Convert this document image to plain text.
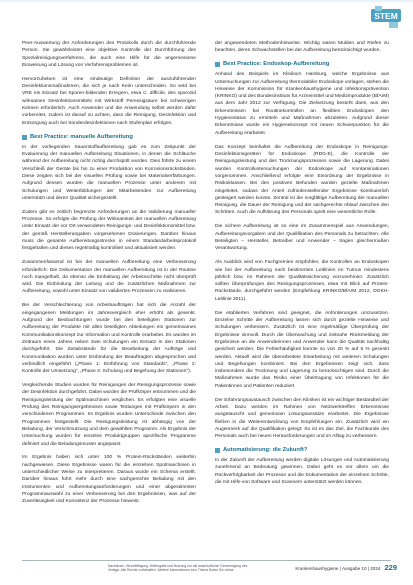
STEM

Peer-Auswertung der Anforderungen des Protokolls durch die durchführende Person. Sie gewährleistet eine objektive Kontrolle der Durchführung des Spezialreinigungsverfahrens, die auch eine Hilfe für die angemessene Einweisung und Lösung von Verfahrensproblemen ist.

Hervorzuheben ist eine eindeutige Definition der auszuführenden Desinfektionsmaßnahmen, die sich je nach Keim unterscheiden. So wird bei VRE ein Einsatz bei Sporen-bildenden Erregern, etwa C. difficile, des sporozid wirksamen Desinfektionsmittels mit Wirkstoff Peressigsäure bei schwierigen Keimen erforderlich. Auch Anwender und die Anwendung selbst werden dafür vorbereitet, zudem ist darauf zu achten, dass die Reinigung, Desinfektion und Entsorgung auch bei Sonderdesinfektionen nach Stufenplan erfolgen.

Best Practice: manuelle Aufbereitung

In der vorliegenden Sauerstoffaufbereitung gab es zum Zeitpunkt der Evaluierung der manuellen Aufbereitung Situationen, in denen die Schläuche während der Aufbereitung nicht richtig durchspült wurden. Dies führte zu einem Verschleiß der Geräte bis hin zu einer Produktion von Korrosionsrückständen. Diese zeigten sich bei der visuellen Prüfung sowie bei Materialverfärbungen. Aufgrund dessen wurden die manuellen Prozesse unter anderem mit Schulungen und Weiterbildungen der Mitarbeitenden zur Aufbereitung unterstützt und deren Qualität sichergestellt.

Zudem gibt es zeitlich begrenzte Anforderungen an die Validierung manueller Prozesse. So erfolgte die Prüfung der Wirksamkeit der manuellen Aufbereitung unter Einsatz der vor Ort verwendeten Reinigungs- und Desinfektionsmittel bzw. der gemäß Herstellerangaben vorgesehenen Dosierungen. Darüber hinaus muss die gesamte Aufbereitungsstrecke in einem Standardarbeitsprotokoll festgehalten und dieses regelmäßig kontrolliert und aktualisiert werden.

Zusammenfassend ist bei der manuellen Aufbereitung eine Verbesserung erforderlich: Die Dokumentation der manuellen Aufbereitung ist in der Routine noch mangelhaft, da ebenso die Einhaltung der Arbeitsschritte nicht überprüft wird. Die Einbindung der Leitung und die zusätzlichen Maßnahmen zur Aufbereitung, sowohl unter Einsatz von validierten Prozessen zu realisieren.

Bei der Verschlechterung von Arbeitsaufträgen hat sich die Anzahl der eingegangenen Meldungen im Jahresvergleich eher erhöht als gesenkt. Aufgrund der Beobachtungen wurde bei den beteiligten Stationen zur Aufbereitung der Produkte mit allen beteiligten Abteilungen ein gemeinsames Kommunikationskonzept zur Information und Kontrolle erarbeitet. Es wurden im Zeitraum eines Jahres neben zwei Schulungen ein Einsatz in den Stationen durchgeführt. Die Zeitabstände für die Bearbeitung der Aufträge und Kommunikation wurden unter Einbindung der Beauftragten abgesprochen und verbindlich eingeführt („Phase 1: Einführung von Standards“, „Phase 2: Kontrolle der Umsetzung“, „Phase 3: Schulung und Begehung der Stationen“).

Vergleichende Studien wurden für Reinigungen der Reinigungsprozesse sowie der Desinfektion durchgeführt. Dabei wurden die Prüfkörper entnommen und die Reinigungsleistung der Spülmaschinen verglichen. Es erfolgten eine visuelle Prüfung des Reinigungsergebnisses sowie Testungen mit Prüfkörpern in den verschiedenen Programmen. Im Ergebnis wurden Unterschiede zwischen den Programmen festgestellt. Die Reinigungsleistung ist abhängig von der Beladung, der Verschmutzung und dem gewählten Programm. Als Ergebnis der Untersuchung wurden für einzelne Produktgruppen spezifische Programme definiert und die Beladungsmuster angepasst.

Im Ergebnis haben sich unter 100 % Protein-Rückständen weiterhin nachgewiesen. Diese Ergebnisse waren für die einzelnen Spülmaschinen in unterschiedlicher Weise zu interpretieren. Daraus wurde ein Schema erstellt. Darüber hinaus führt mehr durch eine sachgerechte Beladung mit den Instrumenten und Aufbereitungsanforderungen und einer abgestimmten Programmauswahl zu einer Verbesserung bei den Ergebnissen, was auf der Zuverlässigkeit und Konsistenz der Prozesse hinweist.

der angewendeten Methodenhinweise. Wichtig waren Mulden und Riefen zu beachten, deren Schwachstellen bei der Aufbereitung berücksichtigt wurden.

Best Practice: Endoskop-Aufbereitung

Anhand des Beispiels im Klinikum Hamburg, welche Ergebnisse aus Untersuchungen zur Aufbereitung thermolabiler Endoskope vorlagen, stehen die Hinweise der Kommission für Krankenhaushygiene und Infektionsprävention (KRINKO) und des Bundesinstituts für Arzneimittel und Medizinprodukte (BfArM) aus dem Jahr 2012 zur Verfügung. Die Zielsetzung besteht darin, aus den Erkenntnissen bei Routinekontrollen an flexiblen Endoskopen den Hygienestatus zu ermitteln und Maßnahmen abzuleiten. Aufgrund dieser Erkenntnisse wurde ein Hygienekonzept mit neuen Schwerpunkten für die Aufbereitung erarbeitet.

Das Konzept beinhaltet die Aufbereitung der Endoskope in Reinigungs-Desinfektionsgeräten für Endoskope (RDG-E), die Kontrolle der Reinigungsleistung und des Trocknungsprozesses sowie die Lagerung. Dabei wurden Kontrolluntersuchungen der Endoskope auf Kontaminationen vorgenommen. Anschließend erfolgte eine Einordnung der Ergebnisse in Risikoklassen. Bei den positiven Befunden wurden gezielte Maßnahmen eingeleitet, sodass der Anteil zufriedenstellender Ergebnisse kontinuierlich gesteigert werden konnte. Zentral ist die sorgfältige Aufbereitung der manuellen Reinigung, die Dauer der Reinigung und der sachgerechte Ablauf zwischen den Schritten. Auch die Aufklärung des Personals spielt eine wesentliche Rolle.

Die sichere Aufbereitung ist so eine im Zusammenspiel aus Anwendungen, Aufbereitungsvorgaben und der Qualifikation des Personals zu betrachten. Alle Beteiligten – Hersteller, Betreiber und Anwender – tragen gleichermaßen Verantwortung.

Als Ausblick wird von Fachgremien empfohlen, die Kontrollen an Endoskopen wie bei der Aufbereitung nach bestimmten Leitlinien im Turnus mindestens jährlich bzw. im Rahmen der Qualitätssicherung vorzunehmen. Zusätzlich sollten Überprüfungen des Reinigungsprozesses, etwa mit Blick auf Protein-Rückstände, durchgeführt werden (Empfehlung KRINKO/BfArM 2012, DGKH-Leitlinie 2011).

Die etablierten Verfahren sind geeignet, die Anforderungen umzusetzen. Einzelne Schritte der Aufbereitung lassen sich durch gezielte Hinweise und Schulungen verbessern. Zusätzlich ist eine regelmäßige Überprüfung der Ergebnisse sinnvoll. Durch die Überwachung und zeitnahe Rückmeldung der Ergebnisse an die Anwenderinnen und Anwender kann die Qualität nachhaltig gesichert werden. Die Fehlerhäufigkeit konnte so von 20 % auf 5 % gesenkt werden. Aktuell wird die überarbeitete Einarbeitung mit weiteren Schulungen und Begehungen kombiniert. Bei den Ergebnissen zeigt sich, dass insbesondere die Trocknung und Lagerung zu berücksichtigen sind. Durch die Maßnahmen wurde das Risiko einer Übertragung von Infektionen für die Patientinnen und Patienten reduziert.

Der Erfahrungsaustausch zwischen den Kliniken ist ein wichtiger Bestandteil der Arbeit. Dazu werden im Rahmen von Netzwerktreffen Erkenntnisse ausgetauscht und gemeinsam Lösungsansätze erarbeitet. Die Ergebnisse fließen in die Weiterentwicklung von Empfehlungen ein. Zusätzlich wird ein Augenmerk auf die Qualifikation gelegt: So ist es das Ziel, die Fachkunde des Personals auch bei neuen Herausforderungen und im Alltag zu verbessern.

Automatisierung: die Zukunft?

In der Zukunft der Aufbereitung werden digitale Lösungen und Automatisierung zunehmend an Bedeutung gewinnen. Dabei geht es vor allem um die Rückverfolgbarkeit der Prozesse und die Dokumentation der einzelnen Schritte, die mit Hilfe von Software und Scannern unterstützt werden können.

Nachdruck, Vervielfältigung, Weitergabe und Nutzung nur mit ausdrücklicher Genehmigung des Verlags. Alle Rechte vorbehalten. Weitere Informationen zum Thema finden Sie online.	Krankenhaushygiene | Ausgabe 10 | 2024 229
